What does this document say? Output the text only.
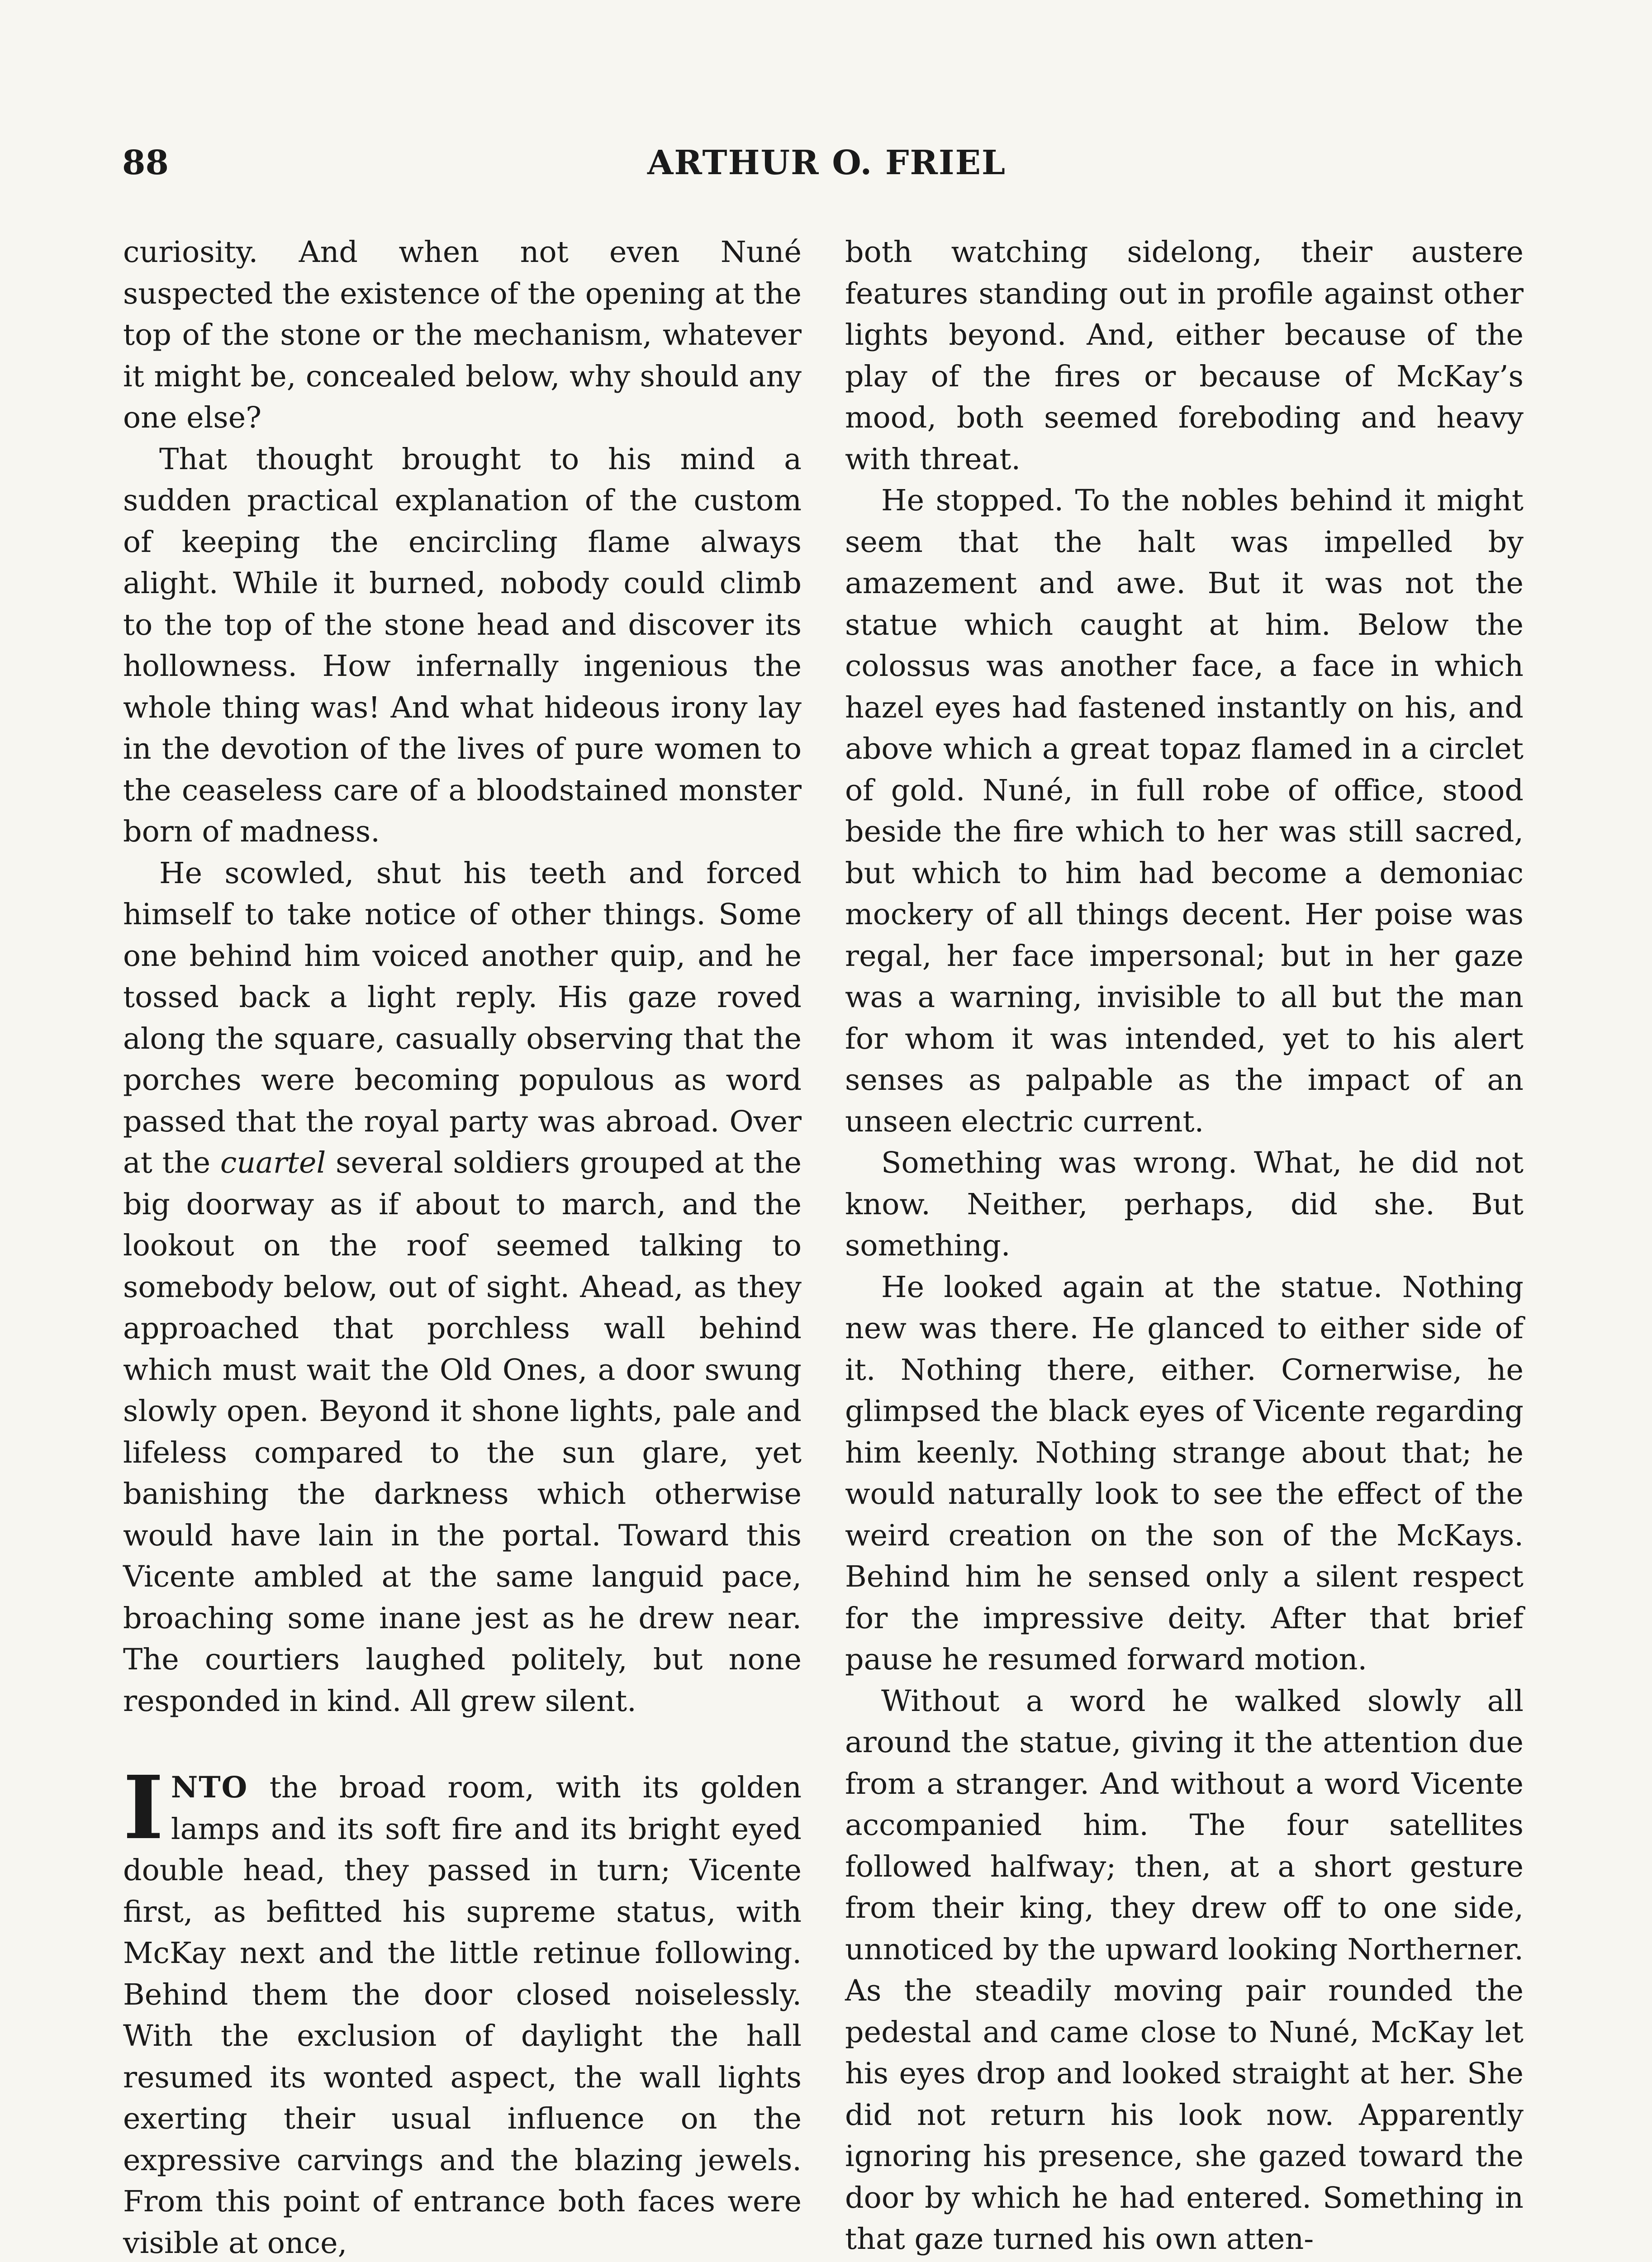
88	ARTHUR O. FRIEL

curiosity. And when not even Nuné suspected the existence of the opening at the top of the stone or the mechanism, whatever it might be, concealed below, why should any one else?

That thought brought to his mind a sudden practical explanation of the custom of keeping the encircling flame always alight. While it burned, nobody could climb to the top of the stone head and discover its hollowness. How infernally ingenious the whole thing was! And what hideous irony lay in the devotion of the lives of pure women to the ceaseless care of a bloodstained monster born of madness.

He scowled, shut his teeth and forced himself to take notice of other things. Some one behind him voiced another quip, and he tossed back a light reply. His gaze roved along the square, casually observing that the porches were becoming populous as word passed that the royal party was abroad. Over at the cuartel several soldiers grouped at the big doorway as if about to march, and the lookout on the roof seemed talking to somebody below, out of sight. Ahead, as they approached that porchless wall behind which must wait the Old Ones, a door swung slowly open. Beyond it shone lights, pale and lifeless compared to the sun glare, yet banishing the darkness which otherwise would have lain in the portal. Toward this Vicente ambled at the same languid pace, broaching some inane jest as he drew near. The courtiers laughed politely, but none responded in kind. All grew silent.

INTO the broad room, with its golden lamps and its soft fire and its bright eyed double head, they passed in turn; Vicente first, as befitted his supreme status, with McKay next and the little retinue following. Behind them the door closed noiselessly. With the exclusion of daylight the hall resumed its wonted aspect, the wall lights exerting their usual influence on the expressive carvings and the blazing jewels. From this point of entrance both faces were visible at once,

both watching sidelong, their austere features standing out in profile against other lights beyond. And, either because of the play of the fires or because of McKay’s mood, both seemed foreboding and heavy with threat.

He stopped. To the nobles behind it might seem that the halt was impelled by amazement and awe. But it was not the statue which caught at him. Below the colossus was another face, a face in which hazel eyes had fastened instantly on his, and above which a great topaz flamed in a circlet of gold. Nuné, in full robe of office, stood beside the fire which to her was still sacred, but which to him had become a demoniac mockery of all things decent. Her poise was regal, her face impersonal; but in her gaze was a warning, invisible to all but the man for whom it was intended, yet to his alert senses as palpable as the impact of an unseen electric current.

Something was wrong. What, he did not know. Neither, perhaps, did she. But something.

He looked again at the statue. Nothing new was there. He glanced to either side of it. Nothing there, either. Cornerwise, he glimpsed the black eyes of Vicente regarding him keenly. Nothing strange about that; he would naturally look to see the effect of the weird creation on the son of the McKays. Behind him he sensed only a silent respect for the impressive deity. After that brief pause he resumed forward motion.

Without a word he walked slowly all around the statue, giving it the attention due from a stranger. And without a word Vicente accompanied him. The four satellites followed halfway; then, at a short gesture from their king, they drew off to one side, unnoticed by the upward looking Northerner. As the steadily moving pair rounded the pedestal and came close to Nuné, McKay let his eyes drop and looked straight at her. She did not return his look now. Apparently ignoring his presence, she gazed toward the door by which he had entered. Something in that gaze turned his own atten-
